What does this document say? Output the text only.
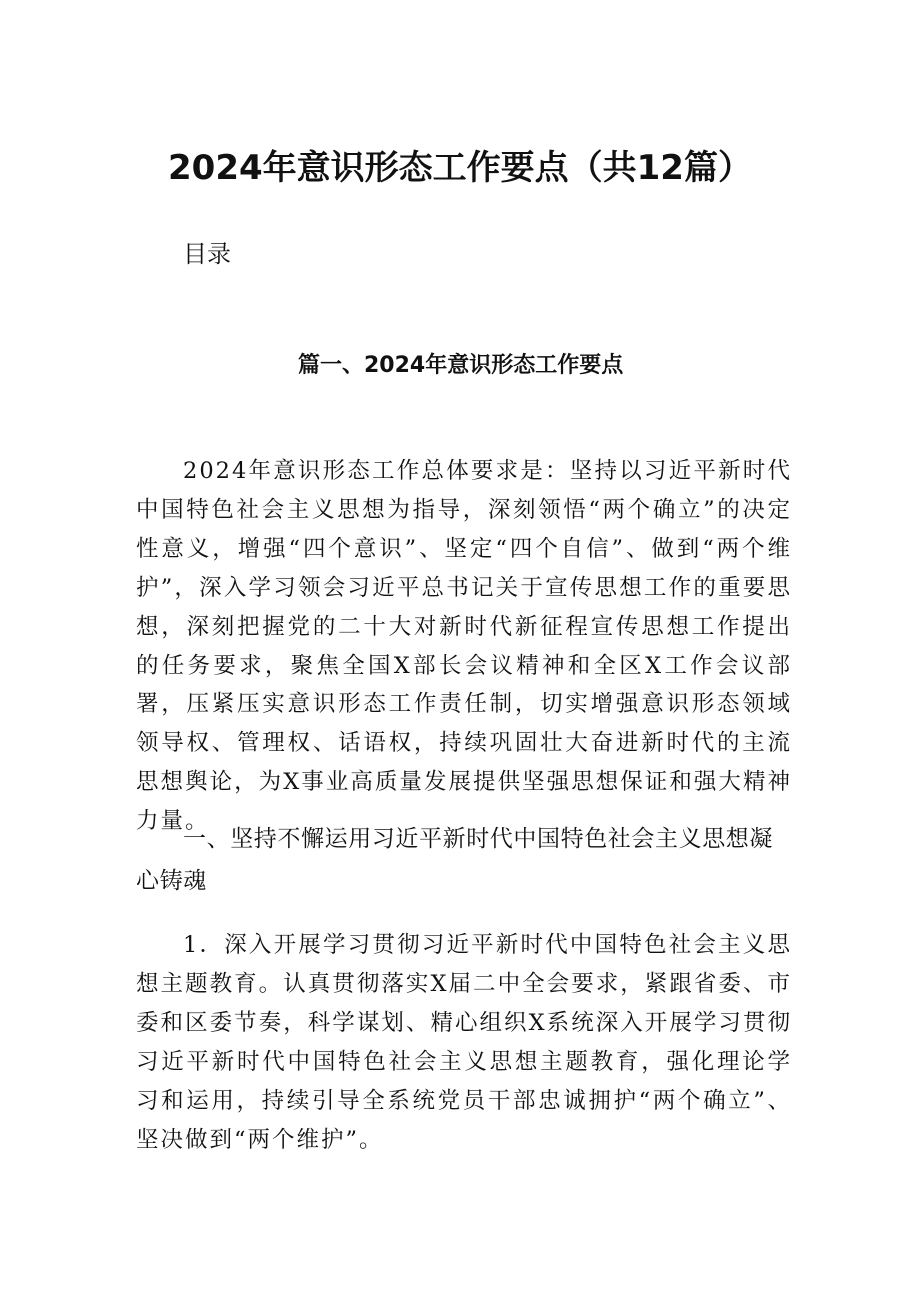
2024年意识形态工作要点（共12篇）
目录
篇一、2024年意识形态工作要点

2024年意识形态工作总体要求是：坚持以习近平新时代中国特色社会主义思想为指导，深刻领悟“两个确立”的决定性意义，增强“四个意识”、坚定“四个自信”、做到“两个维护”，深入学习领会习近平总书记关于宣传思想工作的重要思想，深刻把握党的二十大对新时代新征程宣传思想工作提出的任务要求，聚焦全国X部长会议精神和全区X工作会议部署，压紧压实意识形态工作责任制，切实增强意识形态领域领导权、管理权、话语权，持续巩固壮大奋进新时代的主流思想舆论，为X事业高质量发展提供坚强思想保证和强大精神力量。

一、坚持不懈运用习近平新时代中国特色社会主义思想凝心铸魂

1．深入开展学习贯彻习近平新时代中国特色社会主义思想主题教育。认真贯彻落实X届二中全会要求，紧跟省委、市委和区委节奏，科学谋划、精心组织X系统深入开展学习贯彻习近平新时代中国特色社会主义思想主题教育，强化理论学习和运用，持续引导全系统党员干部忠诚拥护“两个确立”、坚决做到“两个维护”。
